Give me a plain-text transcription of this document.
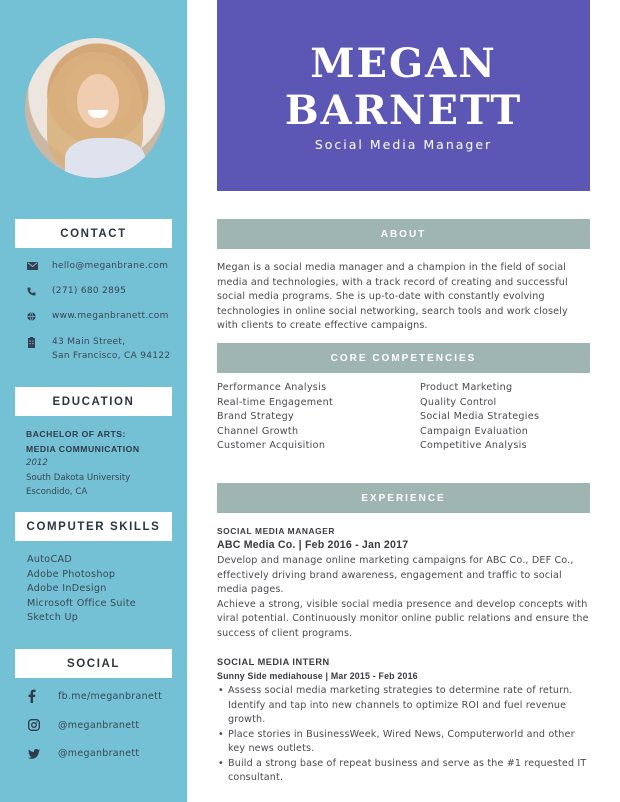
CONTACT
hello@meganbrane.com
(271) 680 2895
www.meganbranett.com
43 Main Street,
San Francisco, CA 94122
EDUCATION
BACHELOR OF ARTS:
MEDIA COMMUNICATION
2012
South Dakota University
Escondido, CA
COMPUTER SKILLS
AutoCAD
Adobe Photoshop
Adobe InDesign
Microsoft Office Suite
Sketch Up
SOCIAL
fb.me/meganbranett
@meganbranett
@meganbranett
MEGAN
BARNETT
Social Media Manager
ABOUT
Megan is a social media manager and a champion in the field of social media and technologies, with a track record of creating and successful social media programs. She is up-to-date with constantly evolving technologies in online social networking, search tools and work closely with clients to create effective campaigns.
CORE COMPETENCIES
Performance Analysis
Real-time Engagement
Brand Strategy
Channel Growth
Customer Acquisition
Product Marketing
Quality Control
Social Media Strategies
Campaign Evaluation
Competitive Analysis
EXPERIENCE
SOCIAL MEDIA MANAGER
ABC Media Co. | Feb 2016 - Jan 2017

Develop and manage online marketing campaigns for ABC Co., DEF Co., effectively driving brand awareness, engagement and traffic to social media pages.

Achieve a strong, visible social media presence and develop concepts with viral potential. Continuously monitor online public relations and ensure the success of client programs.

SOCIAL MEDIA INTERN
Sunny Side mediahouse | Mar 2015 - Feb 2016
• Assess social media marketing strategies to determine rate of return. Identify and tap into new channels to optimize ROI and fuel revenue growth.
• Place stories in BusinessWeek, Wired News, Computerworld and other key news outlets.
• Build a strong base of repeat business and serve as the #1 requested IT consultant.
